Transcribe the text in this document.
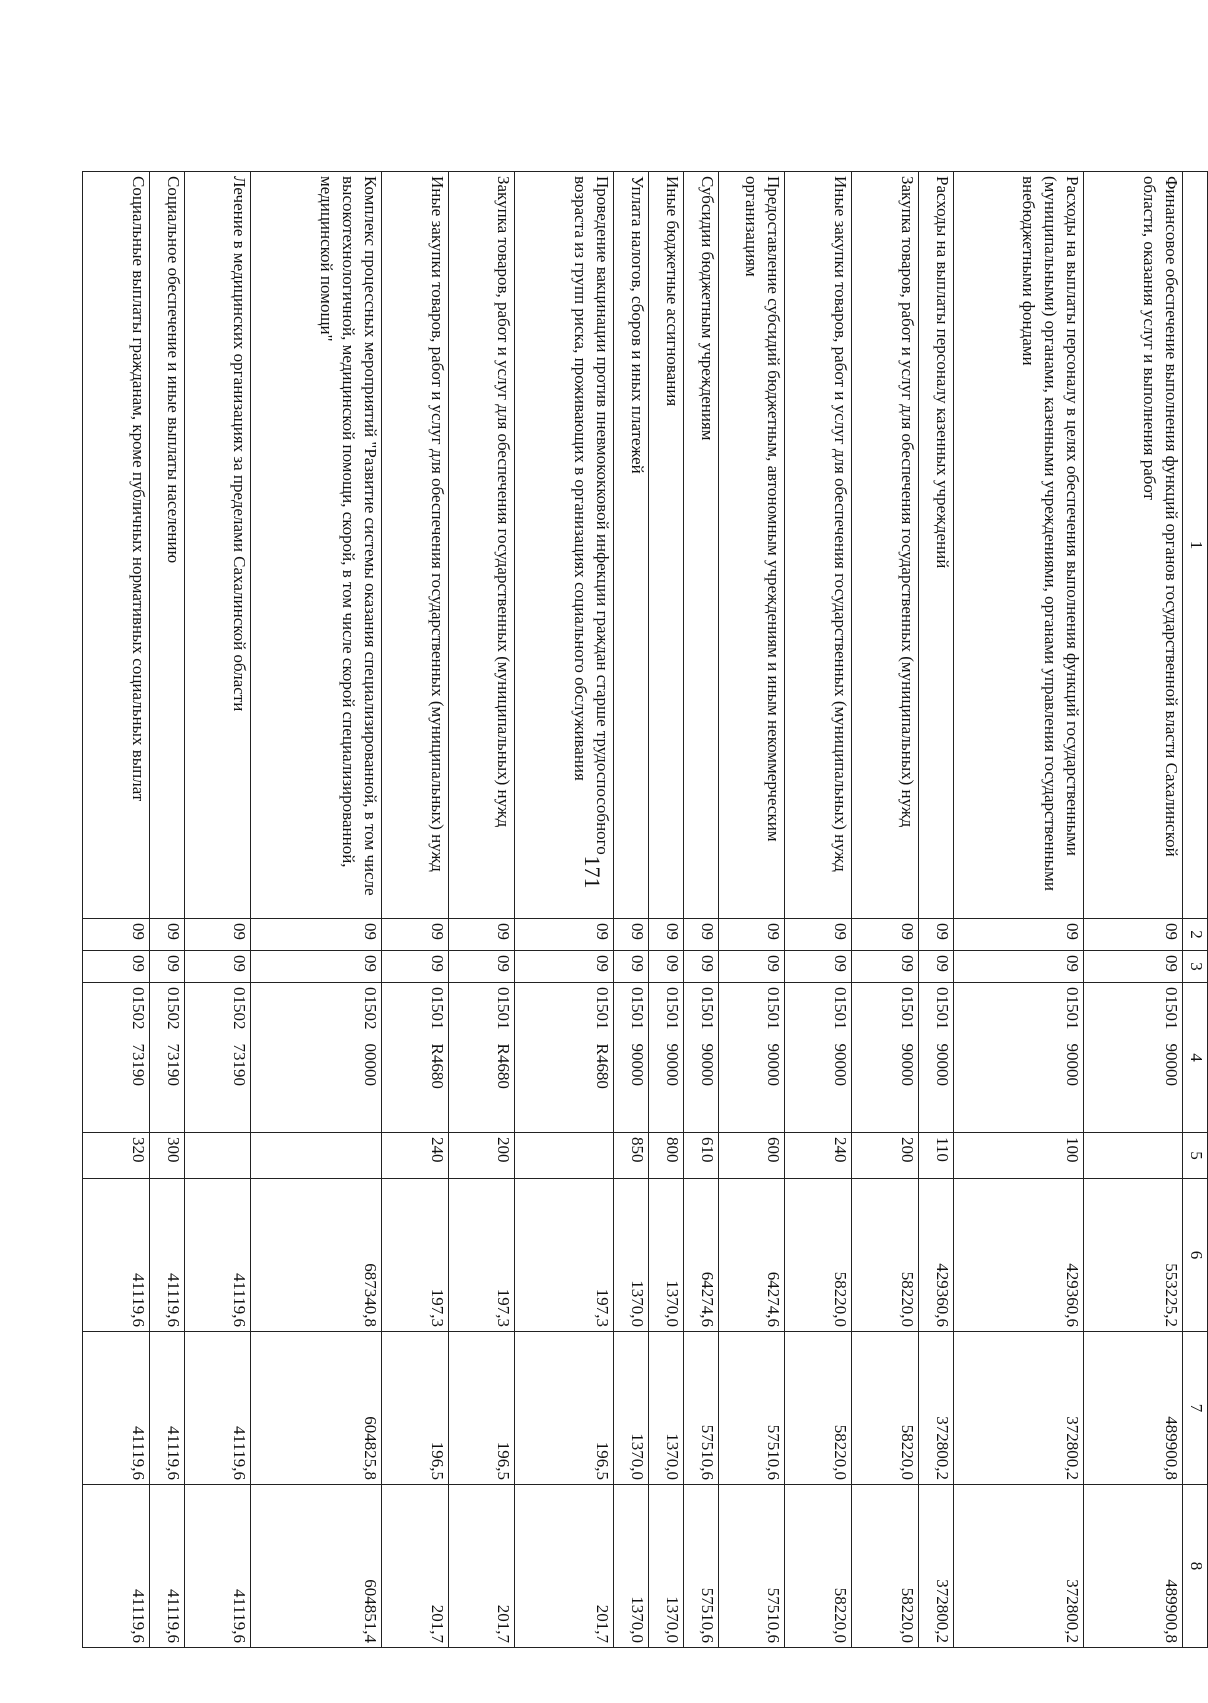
171
1	2	3	4	5	6	7	8
Финансовое обеспечение выполнения функций органов государственной власти Сахалинской области, оказания услуг и выполнения работ	09	09	0150190000		553225,2	489900,8	489900,8
Расходы на выплаты персоналу в целях обеспечения выполнения функций государственными (муниципальными) органами, казенными учреждениями, органами управления государственными внебюджетными фондами	09	09	0150190000	100	429360,6	372800,2	372800,2
Расходы на выплаты персоналу казенных учреждений	09	09	0150190000	110	429360,6	372800,2	372800,2
Закупка товаров, работ и услуг для обеспечения государственных (муниципальных) нужд	09	09	0150190000	200	58220,0	58220,0	58220,0
Иные закупки товаров, работ и услуг для обеспечения государственных (муниципальных) нужд	09	09	0150190000	240	58220,0	58220,0	58220,0
Предоставление субсидий бюджетным, автономным учреждениям и иным некоммерческим организациям	09	09	0150190000	600	64274,6	57510,6	57510,6
Субсидии бюджетным учреждениям	09	09	0150190000	610	64274,6	57510,6	57510,6
Иные бюджетные ассигнования	09	09	0150190000	800	1370,0	1370,0	1370,0
Уплата налогов, сборов и иных платежей	09	09	0150190000	850	1370,0	1370,0	1370,0
Проведение вакцинации против пневмококковой инфекции граждан старше трудоспособного возраста из групп риска, проживающих в организациях социального обслуживания	09	09	01501R4680		197,3	196,5	201,7
Закупка товаров, работ и услуг для обеспечения государственных (муниципальных) нужд	09	09	01501R4680	200	197,3	196,5	201,7
Иные закупки товаров, работ и услуг для обеспечения государственных (муниципальных) нужд	09	09	01501R4680	240	197,3	196,5	201,7
Комплекс процессных мероприятий "Развитие системы оказания специализированной, в том числе высокотехнологичной, медицинской помощи, скорой, в том числе скорой специализированной, медицинской помощи"	09	09	0150200000		687340,8	604825,8	604851,4
Лечение в медицинских организациях за пределами Сахалинской области	09	09	0150273190		41119,6	41119,6	41119,6
Социальное обеспечение и иные выплаты населению	09	09	0150273190	300	41119,6	41119,6	41119,6
Социальные выплаты гражданам, кроме публичных нормативных социальных выплат	09	09	0150273190	320	41119,6	41119,6	41119,6
